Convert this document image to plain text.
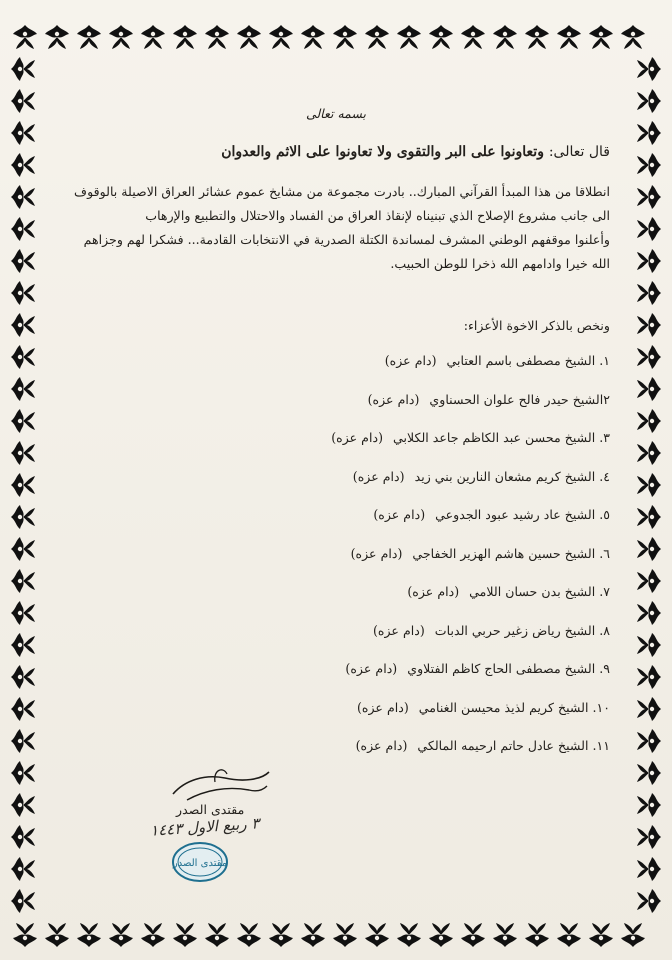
بسمه تعالى
قال تعالى: وتعاونوا على البر والتقوى ولا تعاونوا على الاثم والعدوان
انطلاقا من هذا المبدأ القرآني المبارك.. بادرت مجموعة من مشايخ عموم عشائر العراق الاصيلة بالوقوف
الى جانب مشروع الإصلاح الذي تبنيناه لإنقاذ العراق من الفساد والاحتلال والتطبيع والإرهاب
وأعلنوا موقفهم الوطني المشرف لمساندة الكتلة الصدرية في الانتخابات القادمة... فشكرا لهم وجزاهم
الله خيرا وادامهم الله ذخرا للوطن الحبيب.
ونخص بالذكر الاخوة الأعزاء:
١. الشيخ مصطفى باسم العتابي(دام عزه)
٢الشيخ حيدر فالح علوان الحسناوي(دام عزه)
٣. الشيخ محسن عبد الكاظم جاعد الكلابي(دام عزه)
٤. الشيخ كريم مشعان النارين بني زيد(دام عزه)
٥. الشيخ عاد رشيد عبود الجدوعي(دام عزه)
٦. الشيخ حسين هاشم الهزير الخفاجي(دام عزه)
٧. الشيخ بدن حسان اللامي(دام عزه)
٨. الشيخ رياض زغير حربي الدبات(دام عزه)
٩. الشيخ مصطفى الحاج كاظم الفتلاوي(دام عزه)
١٠. الشيخ كريم لذيذ محيسن الغنامي(دام عزه)
١١. الشيخ عادل حاتم ارحيمه المالكي(دام عزه)
مقتدى الصدر
٣ ربيع الاول ١٤٤٣
مقتدى الصدر
